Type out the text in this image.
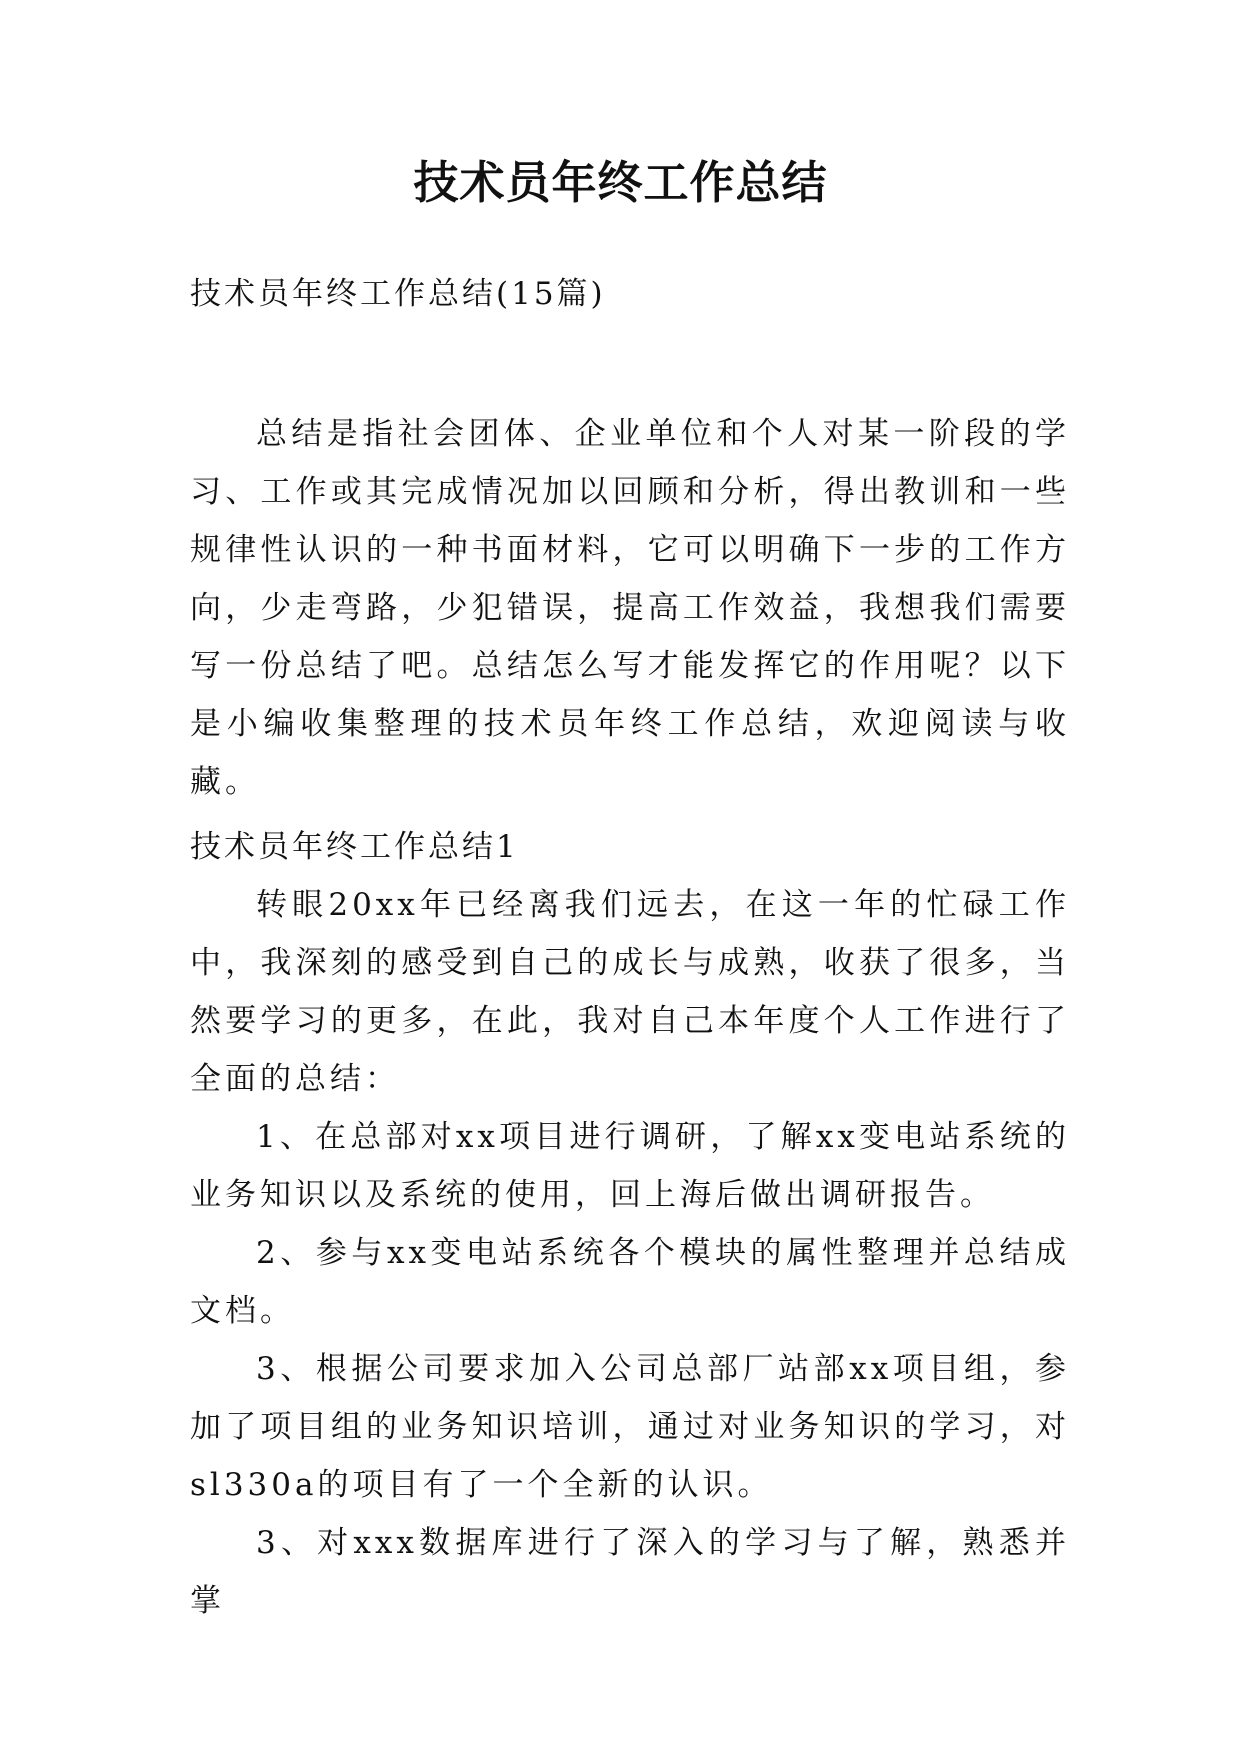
技术员年终工作总结
技术员年终工作总结(15篇)
总结是指社会团体、企业单位和个人对某一阶段的学习、工作或其完成情况加以回顾和分析，得出教训和一些规律性认识的一种书面材料，它可以明确下一步的工作方向，少走弯路，少犯错误，提高工作效益，我想我们需要写一份总结了吧。总结怎么写才能发挥它的作用呢？以下是小编收集整理的技术员年终工作总结，欢迎阅读与收藏。
技术员年终工作总结1

转眼20xx年已经离我们远去，在这一年的忙碌工作中，我深刻的感受到自己的成长与成熟，收获了很多，当然要学习的更多，在此，我对自己本年度个人工作进行了全面的总结：

1、在总部对xx项目进行调研，了解xx变电站系统的业务知识以及系统的使用，回上海后做出调研报告。

2、参与xx变电站系统各个模块的属性整理并总结成文档。

3、根据公司要求加入公司总部厂站部xx项目组，参加了项目组的业务知识培训，通过对业务知识的学习，对sl330a的项目有了一个全新的认识。

3、对xxx数据库进行了深入的学习与了解，熟悉并掌
